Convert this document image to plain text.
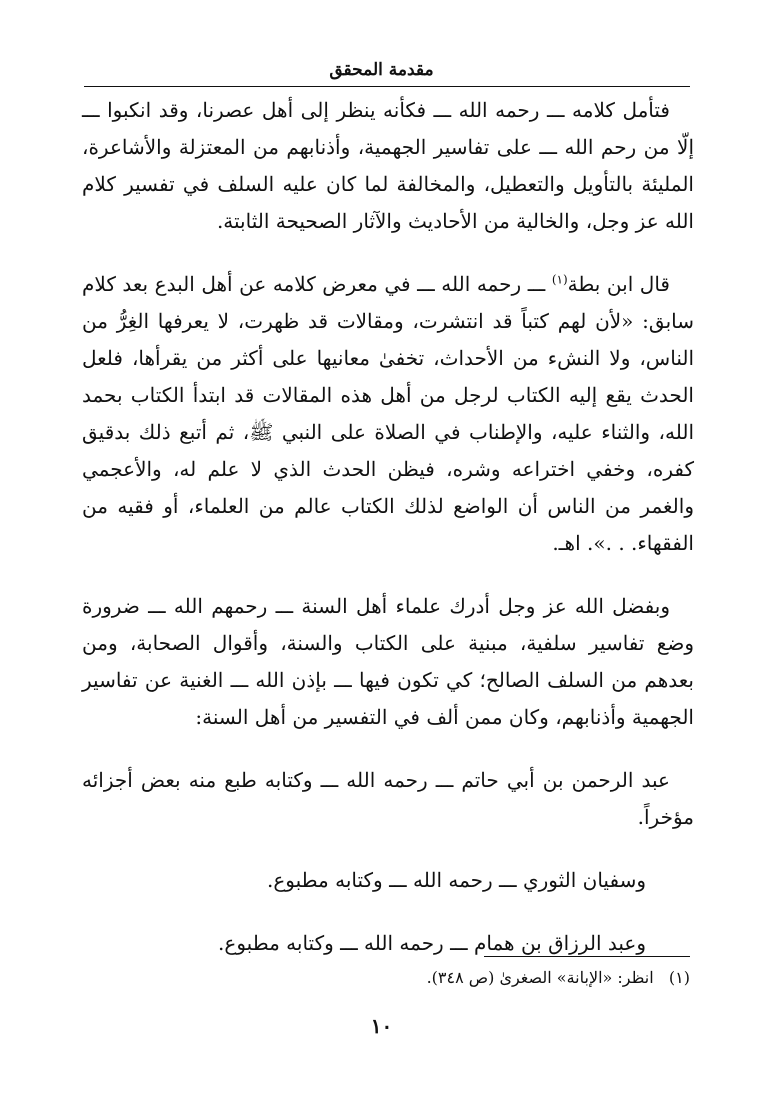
مقدمة المحقق

فتأمل كلامه ـــ رحمه الله ـــ فكأنه ينظر إلى أهل عصرنا، وقد انكبوا ـــ إلّا من رحم الله ـــ على تفاسير الجهمية، وأذنابهم من المعتزلة والأشاعرة، المليئة بالتأويل والتعطيل، والمخالفة لما كان عليه السلف في تفسير كلام الله عز وجل، والخالية من الأحاديث والآثار الصحيحة الثابتة.

قال ابن بطة$^{(١)}$ ـــ رحمه الله ـــ في معرض كلامه عن أهل البدع بعد كلام سابق: «لأن لهم كتباً قد انتشرت، ومقالات قد ظهرت، لا يعرفها الغِرُّ من الناس، ولا النشء من الأحداث، تخفىٰ معانيها على أكثر من يقرأها، فلعل الحدث يقع إليه الكتاب لرجل من أهل هذه المقالات قد ابتدأ الكتاب بحمد الله، والثناء عليه، والإطناب في الصلاة على النبي ﷺ، ثم أتبع ذلك بدقيق كفره، وخفي اختراعه وشره، فيظن الحدث الذي لا علم له، والأعجمي والغمر من الناس أن الواضع لذلك الكتاب عالم من العلماء، أو فقيه من الفقهاء. . .». اهـ.

وبفضل الله عز وجل أدرك علماء أهل السنة ـــ رحمهم الله ـــ ضرورة وضع تفاسير سلفية، مبنية على الكتاب والسنة، وأقوال الصحابة، ومن بعدهم من السلف الصالح؛ كي تكون فيها ـــ بإذن الله ـــ الغنية عن تفاسير الجهمية وأذنابهم، وكان ممن ألف في التفسير من أهل السنة:

عبد الرحمن بن أبي حاتم ـــ رحمه الله ـــ وكتابه طبع منه بعض أجزائه مؤخراً.

وسفيان الثوري ـــ رحمه الله ـــ وكتابه مطبوع.

وعبد الرزاق بن همام ـــ رحمه الله ـــ وكتابه مطبوع.

(١)   انظر: «الإبانة» الصغرىٰ (ص ٣٤٨).
١٠
